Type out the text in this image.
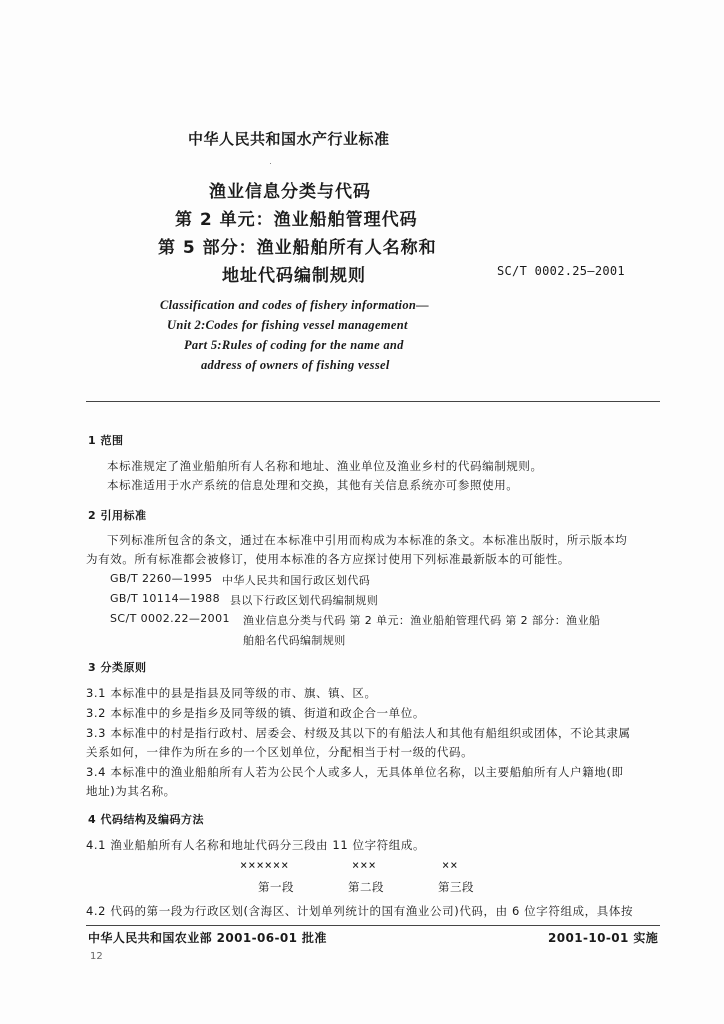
中华人民共和国水产行业标准
渔业信息分类与代码
第 2 单元：渔业船舶管理代码
第 5 部分：渔业船舶所有人名称和
地址代码编制规则	SC/T 0002.25—2001
Classification and codes of fishery information—
Unit 2:Codes for fishing vessel management
Part 5:Rules of coding for the name and
address of owners of fishing vessel
1 范围
本标准规定了渔业船舶所有人名称和地址、渔业单位及渔业乡村的代码编制规则。
本标准适用于水产系统的信息处理和交换，其他有关信息系统亦可参照使用。
2 引用标准
下列标准所包含的条文，通过在本标准中引用而构成为本标准的条文。本标准出版时，所示版本均
为有效。所有标准都会被修订，使用本标准的各方应探讨使用下列标准最新版本的可能性。
GB/T 2260—1995 中华人民共和国行政区划代码
GB/T 10114—1988 县以下行政区划代码编制规则
SC/T 0002.22—2001 渔业信息分类与代码 第 2 单元：渔业船舶管理代码 第 2 部分：渔业船
舶船名代码编制规则
3 分类原则
3.1 本标准中的县是指县及同等级的市、旗、镇、区。
3.2 本标准中的乡是指乡及同等级的镇、街道和政企合一单位。
3.3 本标准中的村是指行政村、居委会、村级及其以下的有船法人和其他有船组织或团体，不论其隶属
关系如何，一律作为所在乡的一个区划单位，分配相当于村一级的代码。
3.4 本标准中的渔业船舶所有人若为公民个人或多人，无具体单位名称，以主要船舶所有人户籍地(即
地址)为其名称。
4 代码结构及编码方法
4.1 渔业船舶所有人名称和地址代码分三段由 11 位字符组成。
××××××	×××	××
第一段	第二段	第三段
4.2 代码的第一段为行政区划(含海区、计划单列统计的国有渔业公司)代码，由 6 位字符组成，具体按
中华人民共和国农业部 2001-06-01 批准	2001-10-01 实施
12
